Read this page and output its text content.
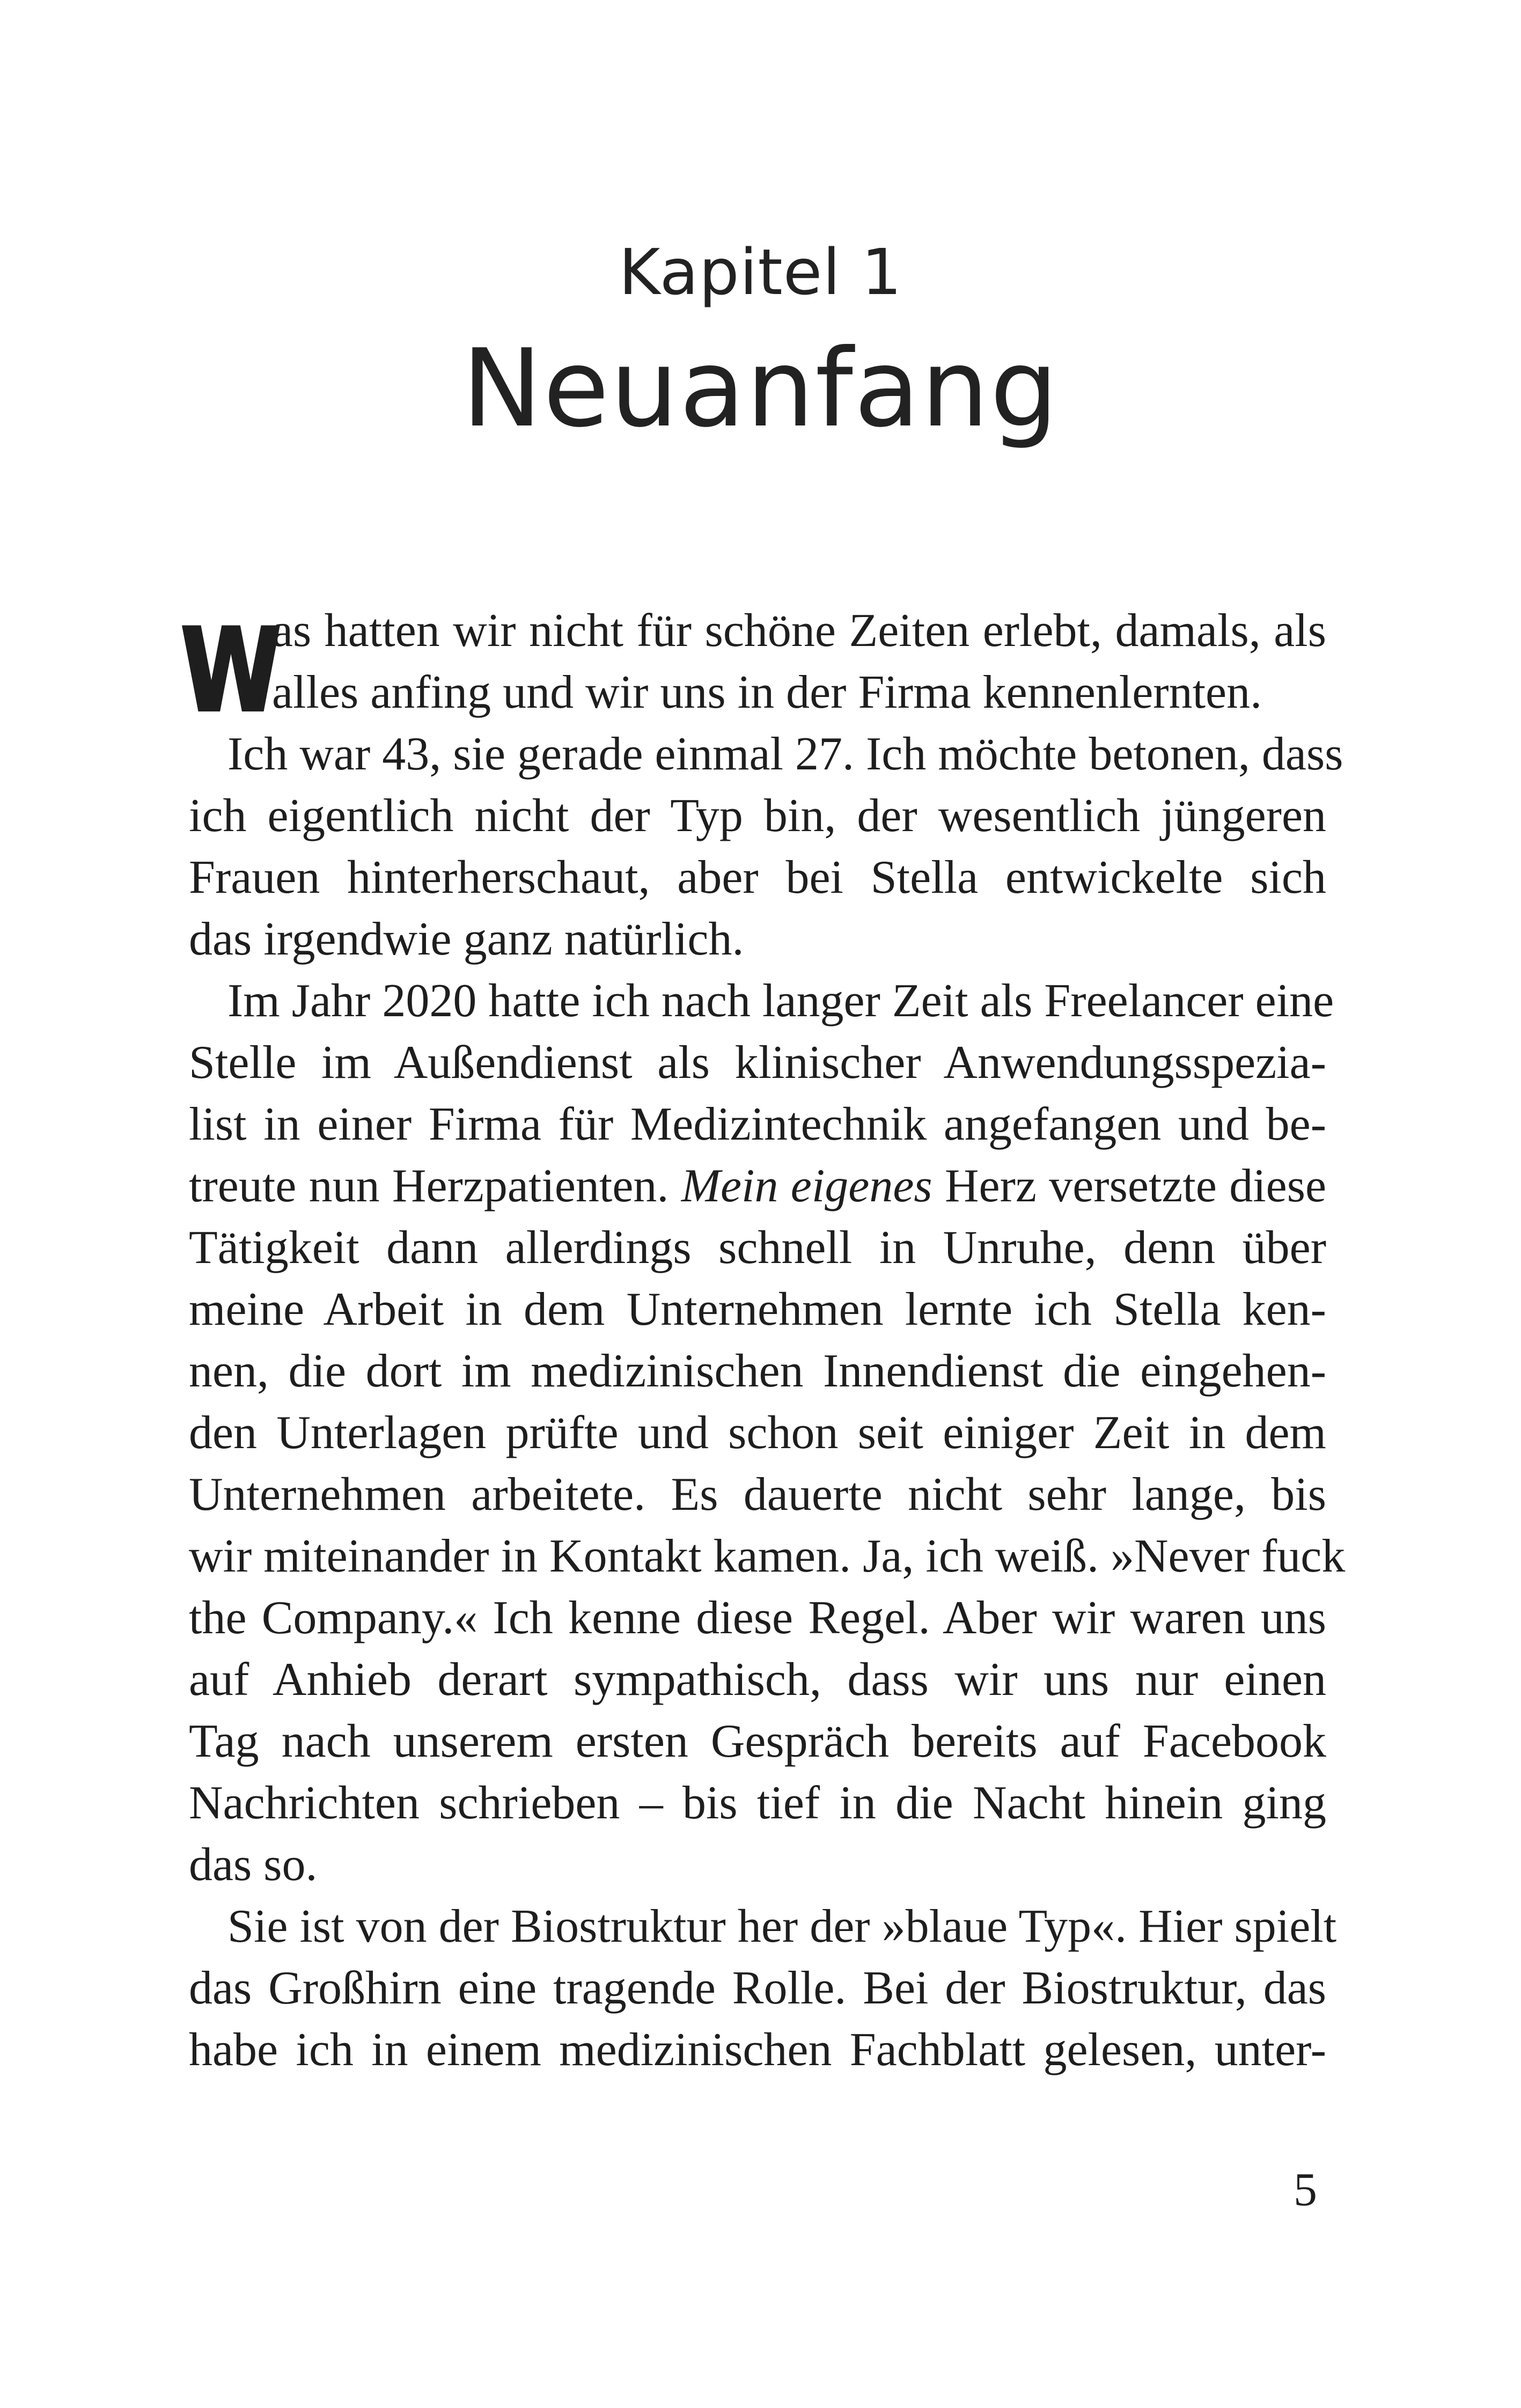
Kapitel 1
Neuanfang
W
as hatten wir nicht für schöne Zeiten erlebt, damals, als
alles anfing und wir uns in der Firma kennenlernten.
Ich war 43, sie gerade einmal 27. Ich möchte betonen, dass
ich eigentlich nicht der Typ bin, der wesentlich jüngeren
Frauen hinterherschaut, aber bei Stella entwickelte sich
das irgendwie ganz natürlich.
Im Jahr 2020 hatte ich nach langer Zeit als Freelancer eine
Stelle im Außendienst als klinischer Anwendungsspezia-
list in einer Firma für Medizintechnik angefangen und be-
treute nun Herzpatienten. Mein eigenes Herz versetzte diese
Tätigkeit dann allerdings schnell in Unruhe, denn über
meine Arbeit in dem Unternehmen lernte ich Stella ken-
nen, die dort im medizinischen Innendienst die eingehen-
den Unterlagen prüfte und schon seit einiger Zeit in dem
Unternehmen arbeitete. Es dauerte nicht sehr lange, bis
wir miteinander in Kontakt kamen. Ja, ich weiß. »Never fuck
the Company.« Ich kenne diese Regel. Aber wir waren uns
auf Anhieb derart sympathisch, dass wir uns nur einen
Tag nach unserem ersten Gespräch bereits auf Facebook
Nachrichten schrieben – bis tief in die Nacht hinein ging
das so.
Sie ist von der Biostruktur her der »blaue Typ«. Hier spielt
das Großhirn eine tragende Rolle. Bei der Biostruktur, das
habe ich in einem medizinischen Fachblatt gelesen, unter-
5
